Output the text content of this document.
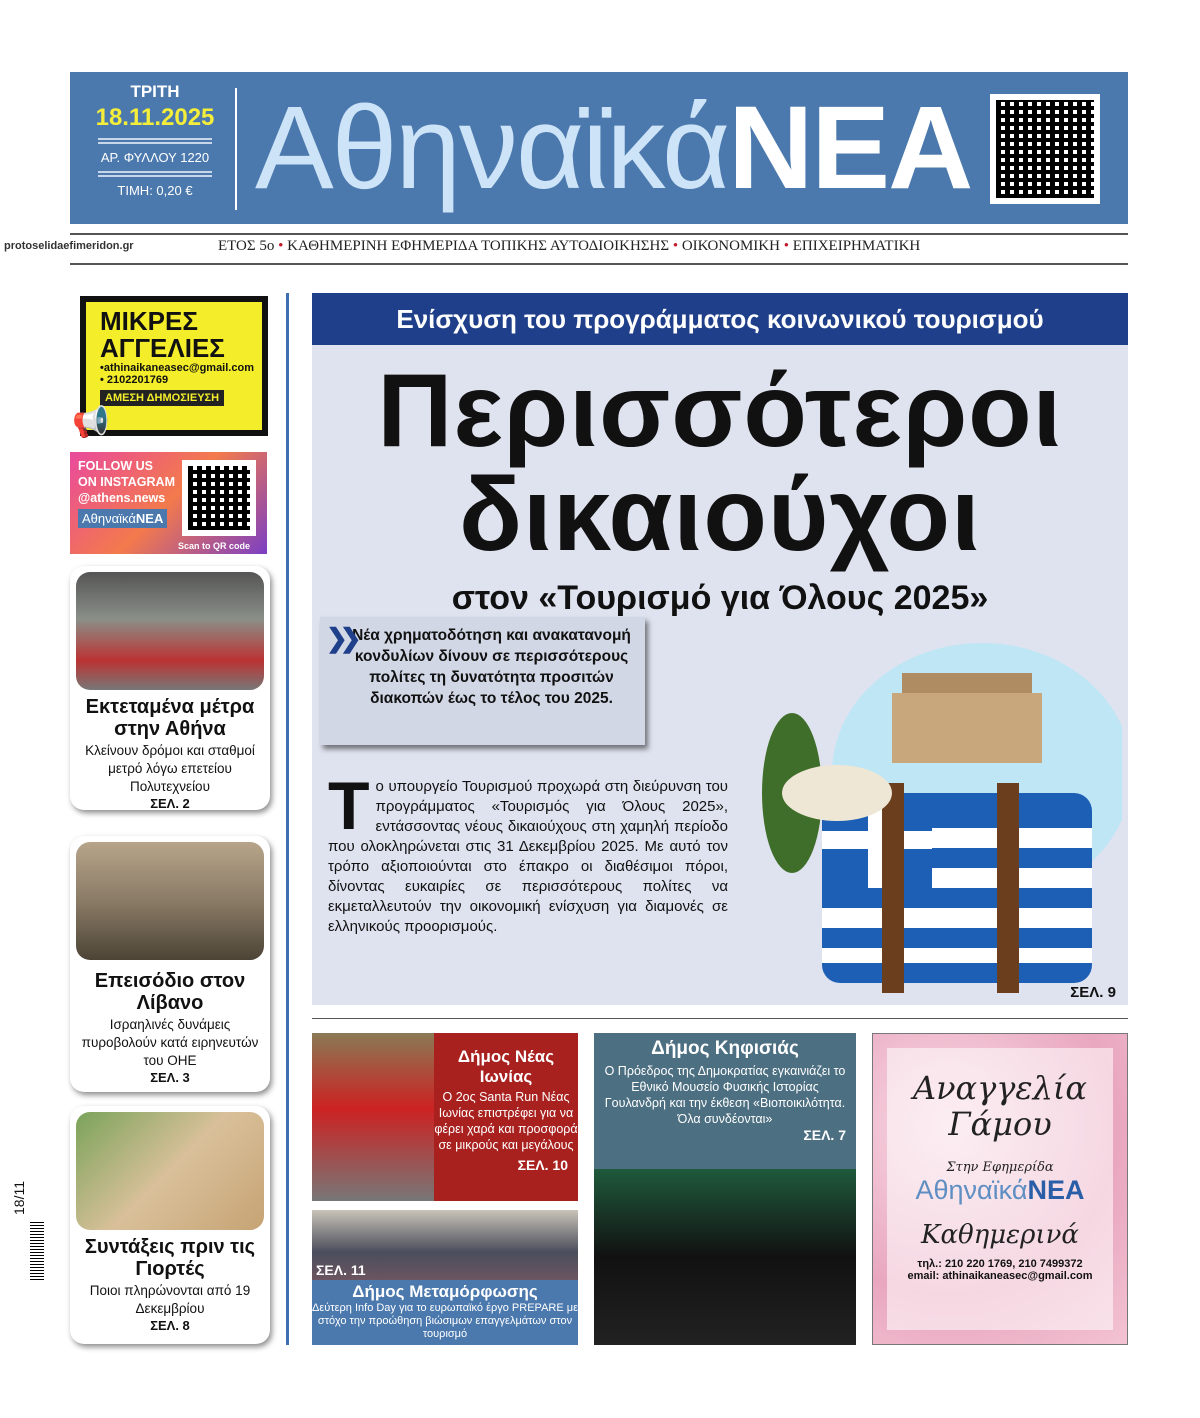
ΤΡΙΤΗ
18.11.2025
ΑΡ. ΦΥΛΛΟΥ 1220
ΤΙΜΗ: 0,20 € ΑθηναϊκάΝΕΑ
protoselidaefimeridon.gr	ΕΤΟΣ 5ο • ΚΑΘΗΜΕΡΙΝΗ ΕΦΗΜΕΡΙΔΑ ΤΟΠΙΚΗΣ ΑΥΤΟΔΙΟΙΚΗΣΗΣ • ΟΙΚΟΝΟΜΙΚΗ • ΕΠΙΧΕΙΡΗΜΑΤΙΚΗ
ΜΙΚΡΕΣ
ΑΓΓΕΛΙΕΣ

•athinaikaneasec@gmail.com

• 2102201769

ΑΜΕΣΗ ΔΗΜΟΣΙΕΥΣΗ
📢
FOLLOW US
ON INSTAGRAM
@athens.news
ΑθηναϊκάΝΕΑ
Scan to QR code
Εκτεταμένα μέτρα στην Αθήνα

Κλείνουν δρόμοι και σταθμοί μετρό λόγω επετείου Πολυτεχνείου

ΣΕΛ. 2
Επεισόδιο στον Λίβανο

Ισραηλινές δυνάμεις πυροβολούν κατά ειρηνευτών του ΟΗΕ

ΣΕΛ. 3
Συντάξεις πριν τις Γιορτές

Ποιοι πληρώνονται από 19 Δεκεμβρίου

ΣΕΛ. 8
18/11
Ενίσχυση του προγράμματος κοινωνικού τουρισμού
Περισσότεροι
δικαιούχοι
στον «Τουρισμό για Όλους 2025»
Νέα χρηματοδότηση και ανακατανομή κονδυλίων δίνουν σε περισσότερους πολίτες τη δυνατότητα προσιτών διακοπών έως το τέλος του 2025.
❯❯
Το υπουργείο Τουρισμού προχωρά στη διεύρυνση του προγράμματος «Τουρισμός για Όλους 2025», εντάσσοντας νέους δικαιούχους στη χαμηλή περίοδο που ολοκληρώνεται στις 31 Δεκεμβρίου 2025. Με αυτό τον τρόπο αξιοποιούνται στο έπακρο οι διαθέσιμοι πόροι, δίνοντας ευκαιρίες σε περισσότερους πολίτες να εκμεταλλευτούν την οικονομική ενίσχυση για διαμονές σε ελληνικούς προορισμούς.
ΣΕΛ. 9
Δήμος Νέας Ιωνίας
Ο 2ος Santa Run Νέας Ιωνίας επιστρέφει για να φέρει χαρά και προσφορά σε μικρούς και μεγάλους
ΣΕΛ. 10
ΣΕΛ. 11
Δήμος Μεταμόρφωσης
Δεύτερη Info Day για το ευρωπαϊκό έργο PREPARE με στόχο την προώθηση βιώσιμων επαγγελμάτων στον τουρισμό
Δήμος Κηφισιάς
Ο Πρόεδρος της Δημοκρατίας εγκαινιάζει το Εθνικό Μουσείο Φυσικής Ιστορίας Γουλανδρή και την έκθεση «Βιοποικιλότητα. Όλα συνδέονται»
ΣΕΛ. 7
Αναγγελία
Γάμου
Στην Εφημερίδα
ΑθηναϊκάΝΕΑ
Καθημερινά
τηλ.: 210 220 1769, 210 7499372
email: athinaikaneasec@gmail.com
